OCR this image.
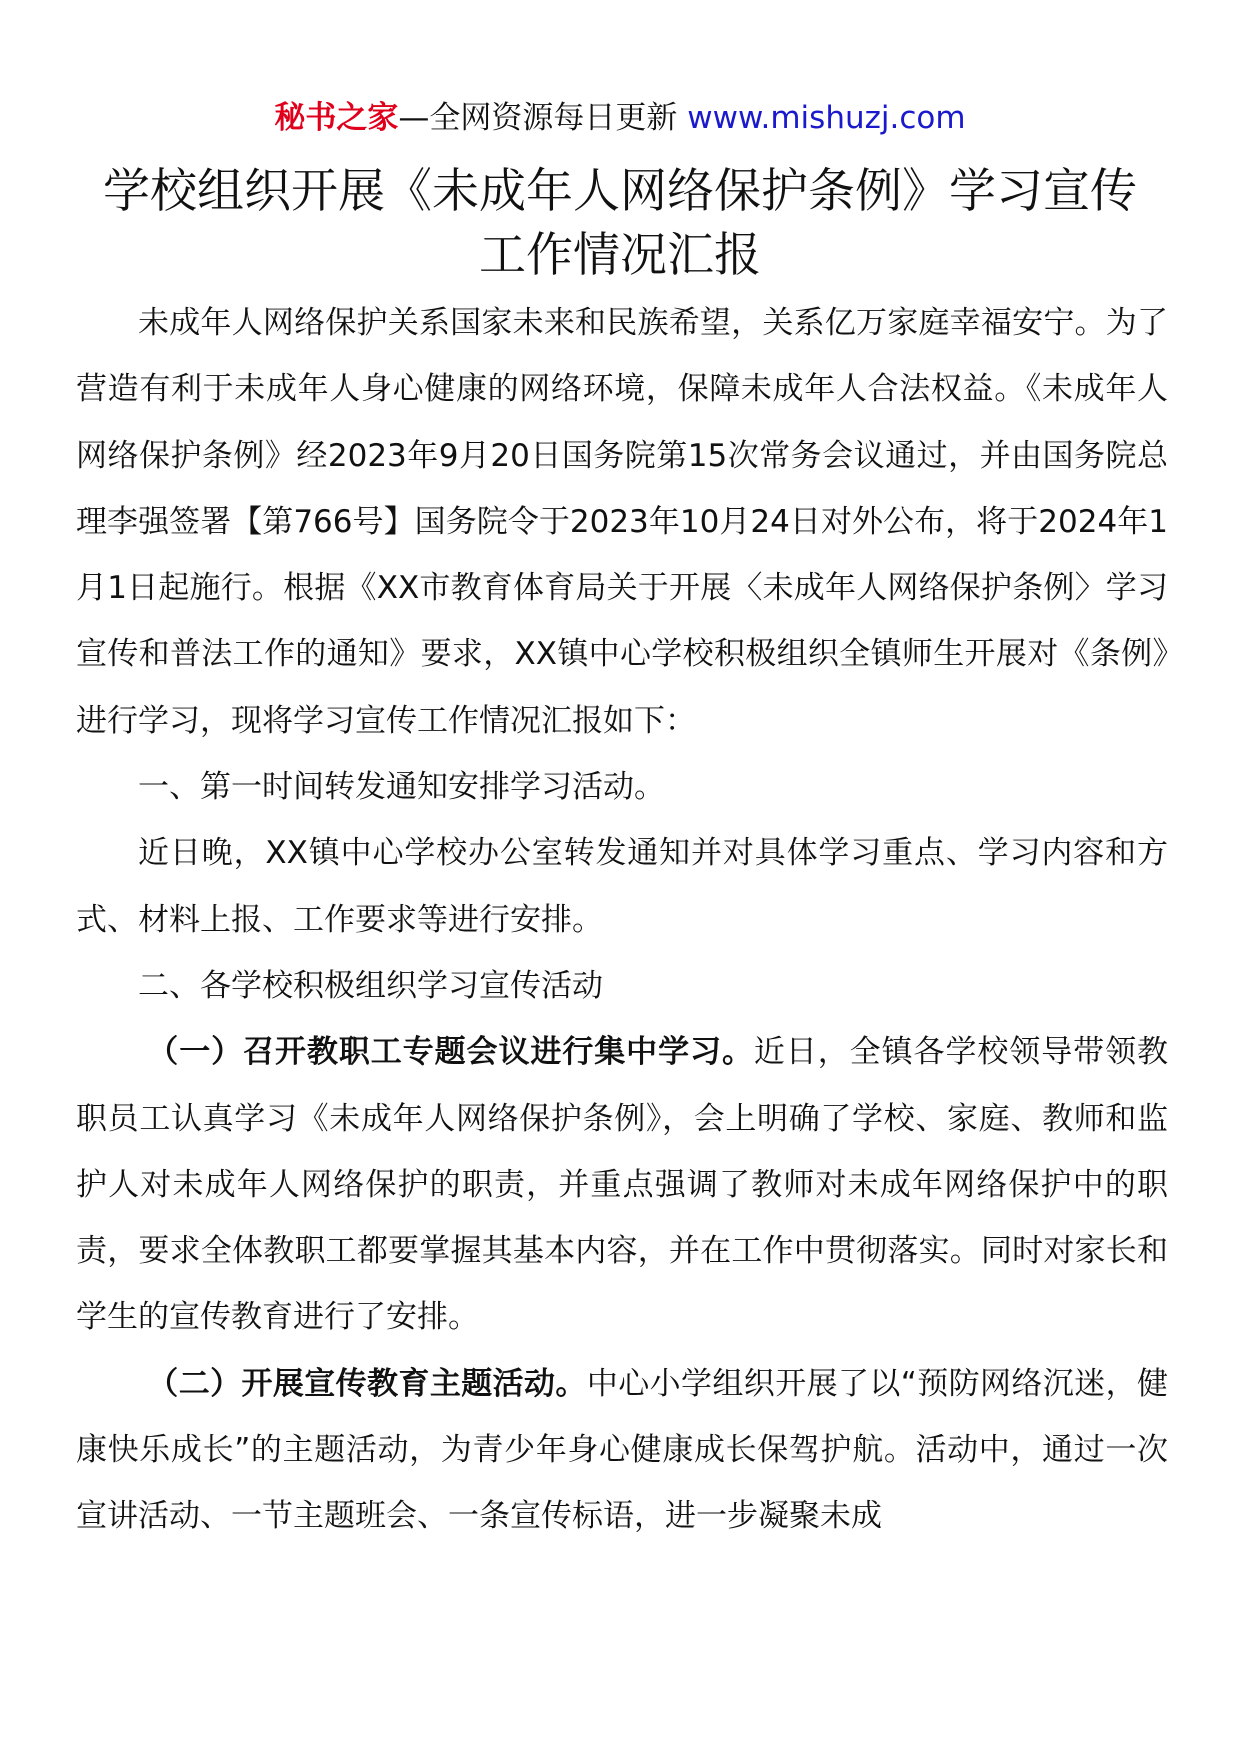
秘书之家—全网资源每日更新 www.mishuzj.com
学校组织开展《未成年人网络保护条例》学习宣传工作情况汇报

未成年人网络保护关系国家未来和民族希望，关系亿万家庭幸福安宁。为了营造有利于未成年人身心健康的网络环境，保障未成年人合法权益。《未成年人网络保护条例》经2023年9月20日国务院第15次常务会议通过，并由国务院总理李强签署【第766号】国务院令于2023年10月24日对外公布，将于2024年1月1日起施行。根据《XX市教育体育局关于开展〈未成年人网络保护条例〉学习宣传和普法工作的通知》要求，XX镇中心学校积极组织全镇师生开展对《条例》进行学习，现将学习宣传工作情况汇报如下：

一、第一时间转发通知安排学习活动。

近日晚，XX镇中心学校办公室转发通知并对具体学习重点、学习内容和方式、材料上报、工作要求等进行安排。

二、各学校积极组织学习宣传活动

（一）召开教职工专题会议进行集中学习。近日，全镇各学校领导带领教职员工认真学习《未成年人网络保护条例》，会上明确了学校、家庭、教师和监护人对未成年人网络保护的职责，并重点强调了教师对未成年网络保护中的职责，要求全体教职工都要掌握其基本内容，并在工作中贯彻落实。同时对家长和学生的宣传教育进行了安排。

（二）开展宣传教育主题活动。中心小学组织开展了以“预防网络沉迷，健康快乐成长”的主题活动，为青少年身心健康成长保驾护航。活动中，通过一次宣讲活动、一节主题班会、一条宣传标语，进一步凝聚未成
